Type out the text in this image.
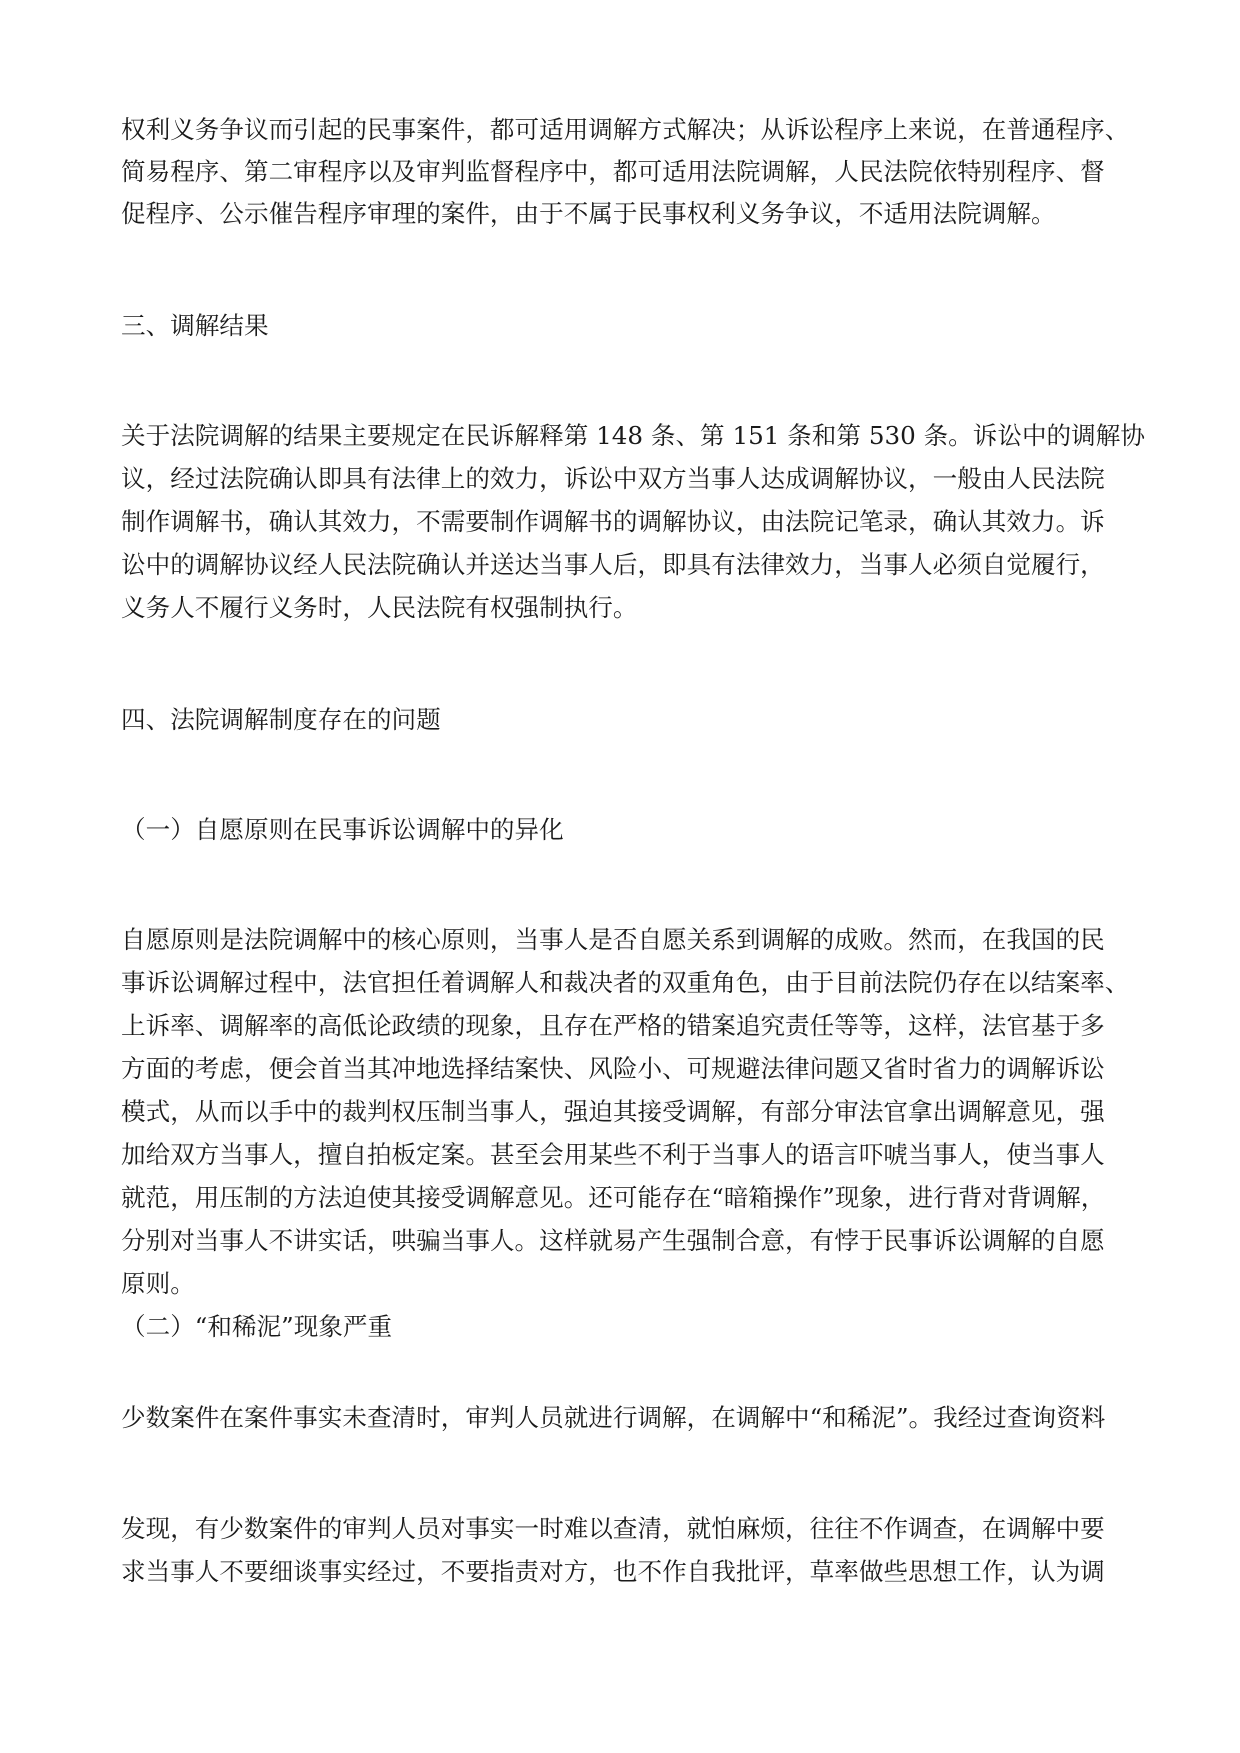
权利义务争议而引起的民事案件，都可适用调解方式解决；从诉讼程序上来说，在普通程序、
简易程序、第二审程序以及审判监督程序中，都可适用法院调解，人民法院依特别程序、督
促程序、公示催告程序审理的案件，由于不属于民事权利义务争议，不适用法院调解。
三、调解结果
关于法院调解的结果主要规定在民诉解释第 148 条、第 151 条和第 530 条。诉讼中的调解协
议，经过法院确认即具有法律上的效力，诉讼中双方当事人达成调解协议，一般由人民法院
制作调解书，确认其效力，不需要制作调解书的调解协议，由法院记笔录，确认其效力。诉
讼中的调解协议经人民法院确认并送达当事人后，即具有法律效力，当事人必须自觉履行，
义务人不履行义务时，人民法院有权强制执行。
四、法院调解制度存在的问题
（一）自愿原则在民事诉讼调解中的异化
自愿原则是法院调解中的核心原则，当事人是否自愿关系到调解的成败。然而，在我国的民
事诉讼调解过程中，法官担任着调解人和裁决者的双重角色，由于目前法院仍存在以结案率、
上诉率、调解率的高低论政绩的现象，且存在严格的错案追究责任等等，这样，法官基于多
方面的考虑，便会首当其冲地选择结案快、风险小、可规避法律问题又省时省力的调解诉讼
模式，从而以手中的裁判权压制当事人，强迫其接受调解，有部分审法官拿出调解意见，强
加给双方当事人，擅自拍板定案。甚至会用某些不利于当事人的语言吓唬当事人，使当事人
就范，用压制的方法迫使其接受调解意见。还可能存在“暗箱操作”现象，进行背对背调解，
分别对当事人不讲实话，哄骗当事人。这样就易产生强制合意，有悖于民事诉讼调解的自愿
原则。
（二）“和稀泥”现象严重
少数案件在案件事实未查清时，审判人员就进行调解，在调解中“和稀泥”。我经过查询资料
发现，有少数案件的审判人员对事实一时难以查清，就怕麻烦，往往不作调查，在调解中要
求当事人不要细谈事实经过，不要指责对方，也不作自我批评，草率做些思想工作，认为调
